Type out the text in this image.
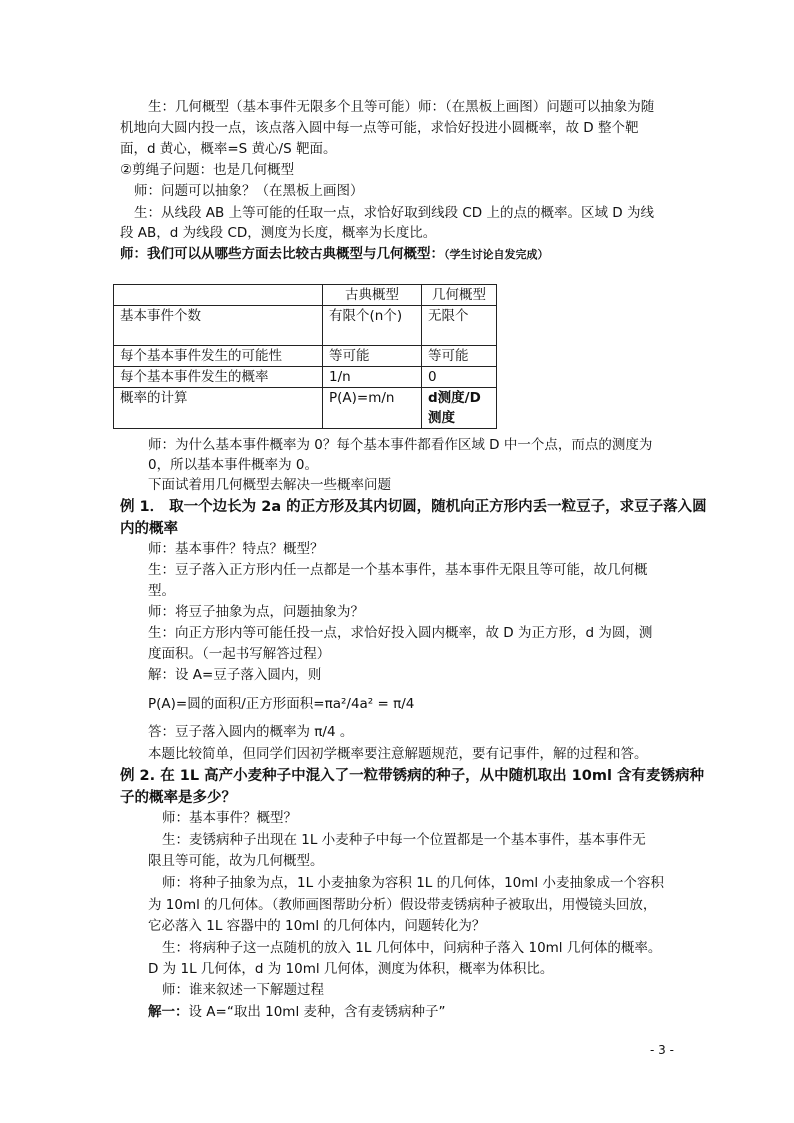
生：几何概型（基本事件无限多个且等可能）师：（在黑板上画图）问题可以抽象为随
机地向大圆内投一点，该点落入圆中每一点等可能，求恰好投进小圆概率，故 D 整个靶
面，d 黄心，概率=S 黄心/S 靶面。
②剪绳子问题：也是几何概型
师：问题可以抽象？（在黑板上画图）
生：从线段 AB 上等可能的任取一点，求恰好取到线段 CD 上的点的概率。区域 D 为线
段 AB，d 为线段 CD，测度为长度，概率为长度比。
师：我们可以从哪些方面去比较古典概型与几何概型：（学生讨论自发完成）
	古典概型	几何概型
基本事件个数	有限个(n个)	无限个
每个基本事件发生的可能性	等可能	等可能
每个基本事件发生的概率	1/n	0
概率的计算	P(A)=m/n	d测度/D测度
师：为什么基本事件概率为 0？每个基本事件都看作区域 D 中一个点，而点的测度为
0，所以基本事件概率为 0。
下面试着用几何概型去解决一些概率问题
例 1． 取一个边长为 2a 的正方形及其内切圆，随机向正方形内丢一粒豆子，求豆子落入圆
内的概率
师：基本事件？特点？概型？
生：豆子落入正方形内任一点都是一个基本事件，基本事件无限且等可能，故几何概
型。
师：将豆子抽象为点，问题抽象为？
生：向正方形内等可能任投一点，求恰好投入圆内概率，故 D 为正方形，d 为圆，测
度面积。（一起书写解答过程）
解：设 A=豆子落入圆内，则
P(A)=圆的面积/正方形面积=πa²/4a² = π/4
答：豆子落入圆内的概率为 π/4 。
本题比较简单，但同学们因初学概率要注意解题规范，要有记事件，解的过程和答。
例 2. 在 1L 高产小麦种子中混入了一粒带锈病的种子，从中随机取出 10ml 含有麦锈病种
子的概率是多少？
师：基本事件？概型？
生：麦锈病种子出现在 1L 小麦种子中每一个位置都是一个基本事件，基本事件无
限且等可能，故为几何概型。
师：将种子抽象为点，1L 小麦抽象为容积 1L 的几何体，10ml 小麦抽象成一个容积
为 10ml 的几何体。（教师画图帮助分析）假设带麦锈病种子被取出，用慢镜头回放，
它必落入 1L 容器中的 10ml 的几何体内，问题转化为？
生：将病种子这一点随机的放入 1L 几何体中，问病种子落入 10ml 几何体的概率。
D 为 1L 几何体，d 为 10ml 几何体，测度为体积，概率为体积比。
师：谁来叙述一下解题过程
解一：设 A=“取出 10ml 麦种，含有麦锈病种子”
- 3 -
